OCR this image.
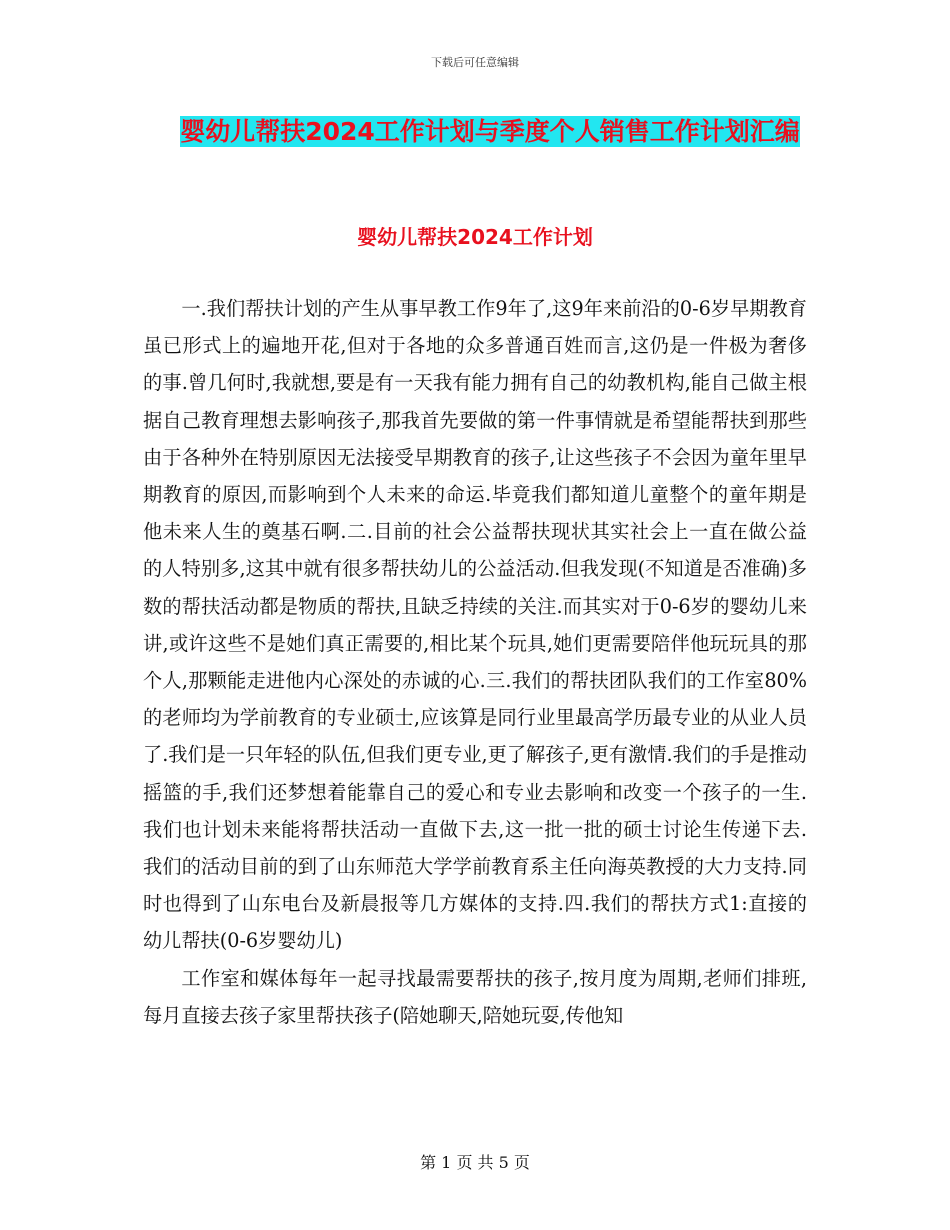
下载后可任意编辑
婴幼儿帮扶2024工作计划与季度个人销售工作计划汇编
婴幼儿帮扶2024工作计划

一.我们帮扶计划的产生从事早教工作9年了,这9年来前沿的0-6岁早期教育虽已形式上的遍地开花,但对于各地的众多普通百姓而言,这仍是一件极为奢侈的事.曾几何时,我就想,要是有一天我有能力拥有自己的幼教机构,能自己做主根据自己教育理想去影响孩子,那我首先要做的第一件事情就是希望能帮扶到那些由于各种外在特别原因无法接受早期教育的孩子,让这些孩子不会因为童年里早期教育的原因,而影响到个人未来的命运.毕竟我们都知道儿童整个的童年期是他未来人生的奠基石啊.二.目前的社会公益帮扶现状其实社会上一直在做公益的人特别多,这其中就有很多帮扶幼儿的公益活动.但我发现(不知道是否准确)多数的帮扶活动都是物质的帮扶,且缺乏持续的关注.而其实对于0-6岁的婴幼儿来讲,或许这些不是她们真正需要的,相比某个玩具,她们更需要陪伴他玩玩具的那个人,那颗能走进他内心深处的赤诚的心.三.我们的帮扶团队我们的工作室80%的老师均为学前教育的专业硕士,应该算是同行业里最高学历最专业的从业人员了.我们是一只年轻的队伍,但我们更专业,更了解孩子,更有激情.我们的手是推动摇篮的手,我们还梦想着能靠自己的爱心和专业去影响和改变一个孩子的一生.我们也计划未来能将帮扶活动一直做下去,这一批一批的硕士讨论生传递下去.我们的活动目前的到了山东师范大学学前教育系主任向海英教授的大力支持.同时也得到了山东电台及新晨报等几方媒体的支持.四.我们的帮扶方式1:直接的幼儿帮扶(0-6岁婴幼儿)

工作室和媒体每年一起寻找最需要帮扶的孩子,按月度为周期,老师们排班,每月直接去孩子家里帮扶孩子(陪她聊天,陪她玩耍,传他知

第 1 页 共 5 页
